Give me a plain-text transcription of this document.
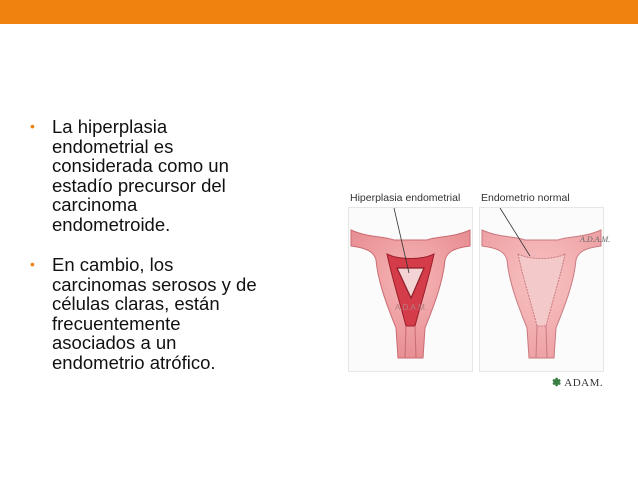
• La hiperplasia
endometrial es
considerada como un
estadío precursor del
carcinoma
endometroide.
• En cambio, los
carcinomas serosos y de
células claras, están
frecuentemente
asociados a un
endometrio atrófico.
Hiperplasia endometrial Endometrio normal
A.D.A.M.
A.D.A.M.
✽ ADAM.
